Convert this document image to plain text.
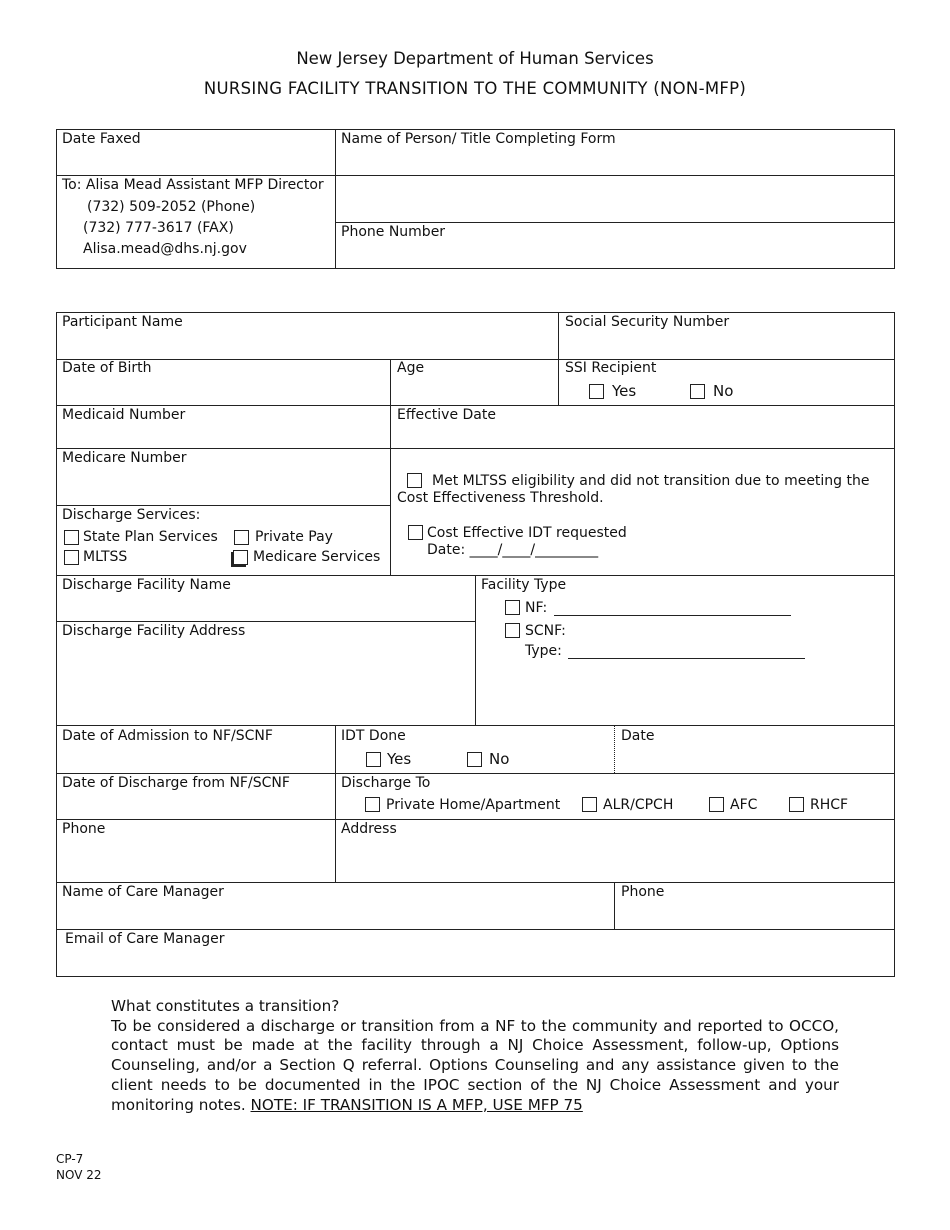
New Jersey Department of Human Services
NURSING FACILITY TRANSITION TO THE COMMUNITY (NON-MFP)
Date Faxed	Name of Person/ Title Completing Form
To: Alisa Mead Assistant MFP Director
(732) 509-2052 (Phone)
(732) 777-3617 (FAX)
Alisa.mead@dhs.nj.gov
Phone Number
Participant Name	Social Security Number
Date of Birth	Age	SSI Recipient
Yes	No
Medicaid Number	Effective Date
Medicare Number
Discharge Services:
State Plan Services	Private Pay
MLTSS	Medicare Services
Met MLTSS eligibility and did not transition due to meeting the
Cost Effectiveness Threshold.
Cost Effective IDT requested
Date: ____/____/_________
Discharge Facility Name
Discharge Facility Address
Facility Type
NF:
SCNF:
Type:
Date of Admission to NF/SCNF	IDT Done
Yes	No
Date
Date of Discharge from NF/SCNF	Discharge To
Private Home/Apartment	ALR/CPCH	AFC	RHCF
Phone	Address
Name of Care Manager	Phone
Email of Care Manager
What constitutes a transition?
To be considered a discharge or transition from a NF to the community and reported to OCCO, contact must be made at the facility through a NJ Choice Assessment, follow-up, Options Counseling, and/or a Section Q referral. Options Counseling and any assistance given to the client needs to be documented in the IPOC section of the NJ Choice Assessment and your monitoring notes. NOTE: IF TRANSITION IS A MFP, USE MFP 75
CP-7
NOV 22
